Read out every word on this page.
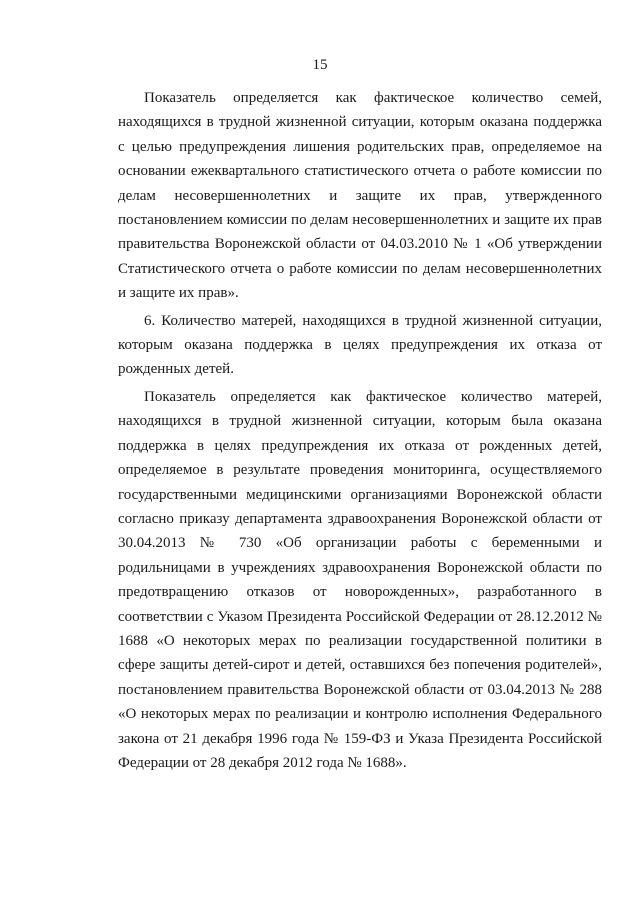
15

Показатель определяется как фактическое количество семей, находящихся в трудной жизненной ситуации, которым оказана поддержка с целью предупреждения лишения родительских прав, определяемое на основании ежеквартального статистического отчета о работе комиссии по делам несовершеннолетних и защите их прав, утвержденного постановлением комиссии по делам несовершеннолетних и защите их прав правительства Воронежской области от 04.03.2010 № 1 «Об утверждении Статистического отчета о работе комиссии по делам несовершеннолетних и защите их прав».

6. Количество матерей, находящихся в трудной жизненной ситуации, которым оказана поддержка в целях предупреждения их отказа от рожденных детей.

Показатель определяется как фактическое количество матерей, находящихся в трудной жизненной ситуации, которым была оказана поддержка в целях предупреждения их отказа от рожденных детей, определяемое в результате проведения мониторинга, осуществляемого государственными медицинскими организациями Воронежской области согласно приказу департамента здравоохранения Воронежской области от 30.04.2013 № 730 «Об организации работы с беременными и родильницами в учреждениях здравоохранения Воронежской области по предотвращению отказов от новорожденных», разработанного в соответствии с Указом Президента Российской Федерации от 28.12.2012 № 1688 «О некоторых мерах по реализации государственной политики в сфере защиты детей-сирот и детей, оставшихся без попечения родителей», постановлением правительства Воронежской области от 03.04.2013 № 288 «О некоторых мерах по реализации и контролю исполнения Федерального закона от 21 декабря 1996 года № 159-ФЗ и Указа Президента Российской Федерации от 28 декабря 2012 года № 1688».
